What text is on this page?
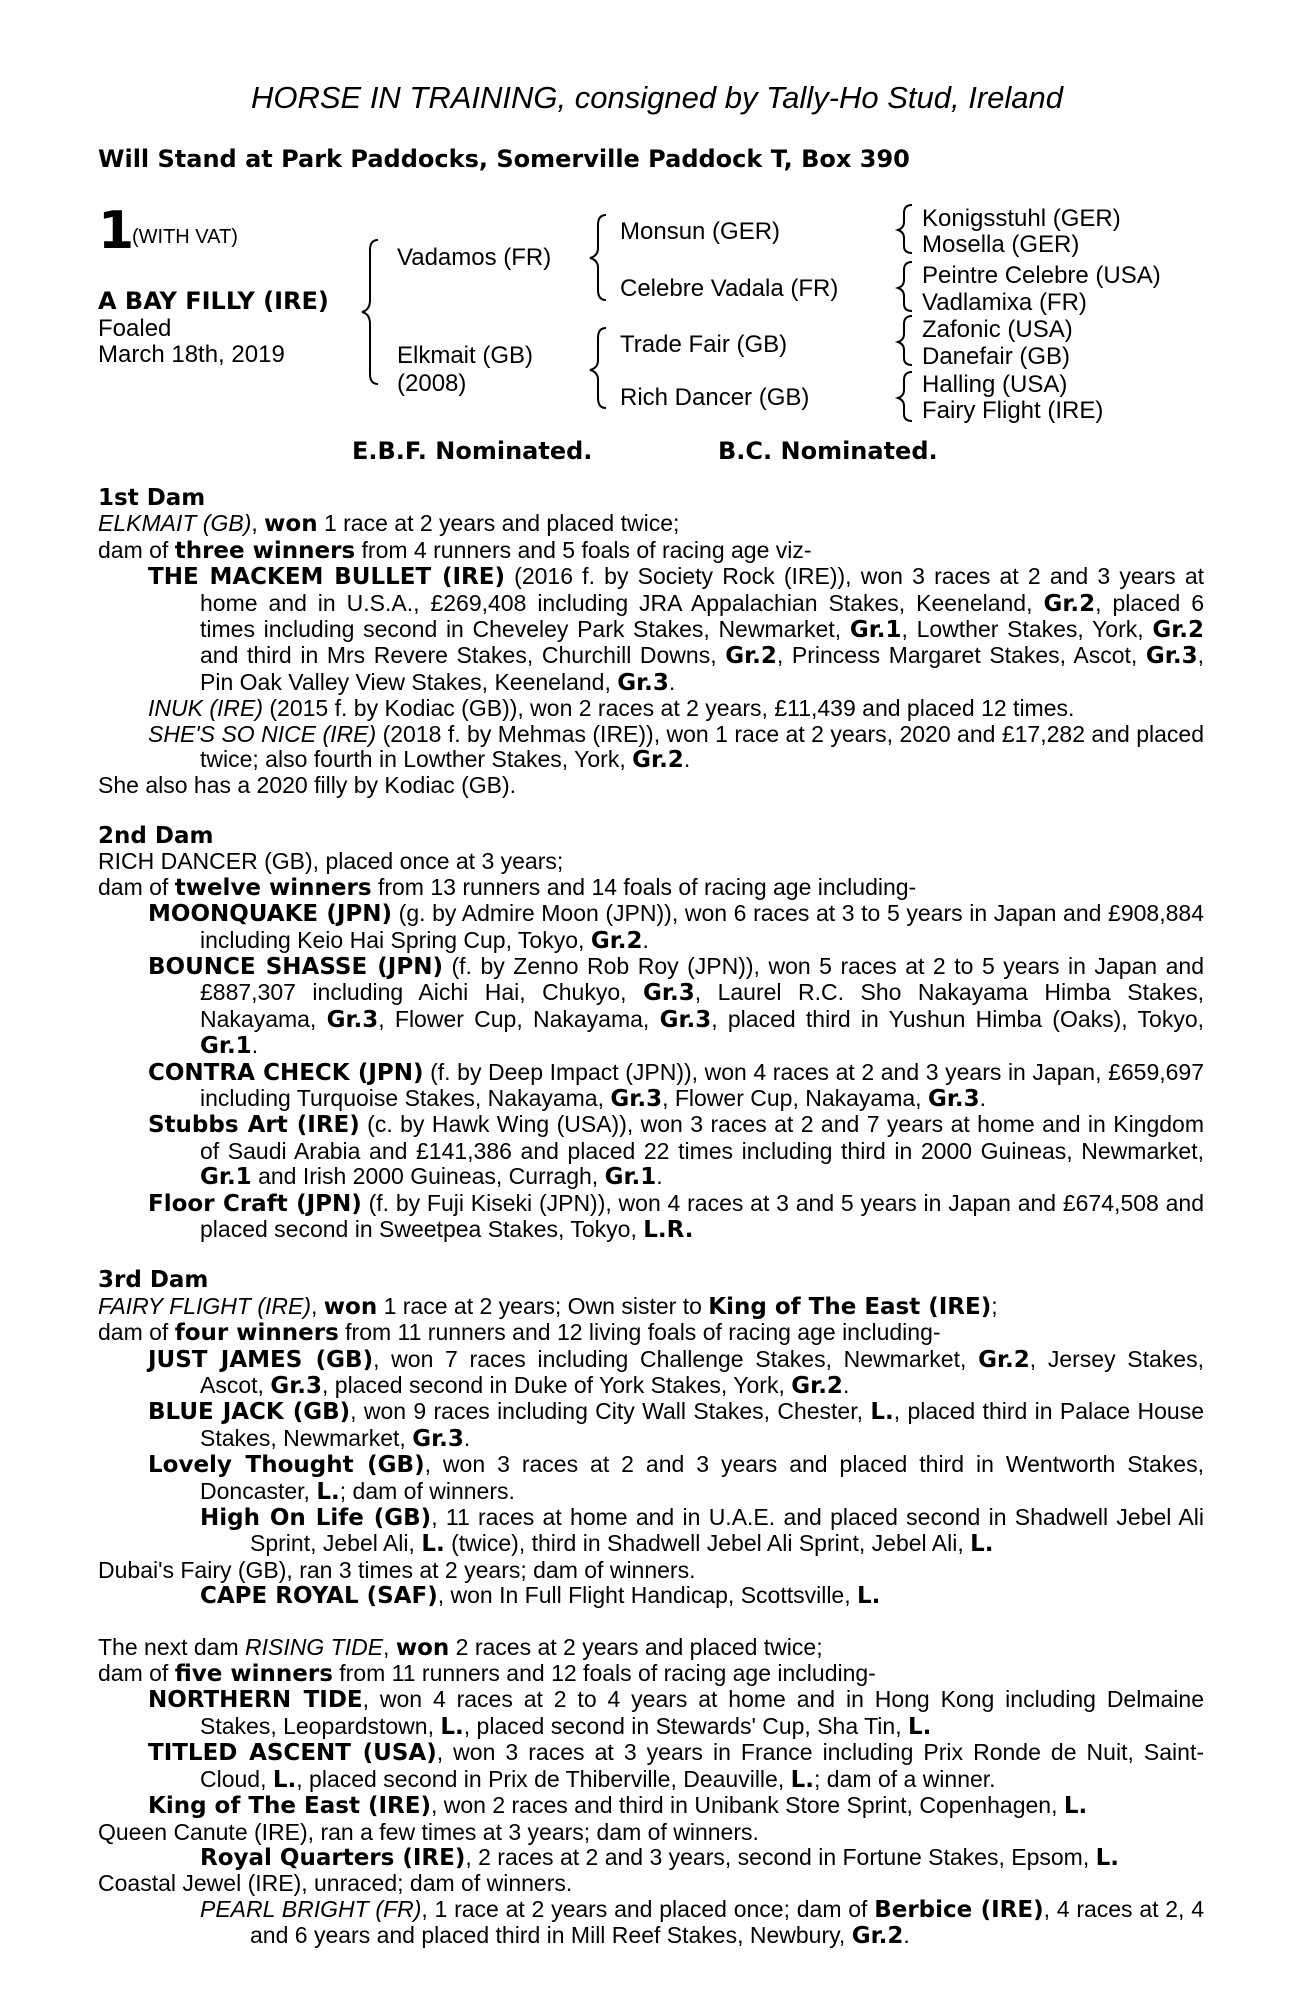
HORSE IN TRAINING, consigned by Tally-Ho Stud, Ireland
Will Stand at Park Paddocks, Somerville Paddock T, Box 390
1
(WITH VAT)
A BAY FILLY (IRE)
Foaled
March 18th, 2019
Vadamos (FR)
Elkmait (GB)
(2008)
Monsun (GER)
Celebre Vadala (FR)
Trade Fair (GB)
Rich Dancer (GB)
Konigsstuhl (GER)
Mosella (GER)
Peintre Celebre (USA)
Vadlamixa (FR)
Zafonic (USA)
Danefair (GB)
Halling (USA)
Fairy Flight (IRE)
E.B.F. Nominated.	B.C. Nominated.

1st Dam

ELKMAIT (GB), won 1 race at 2 years and placed twice;

dam of three winners from 4 runners and 5 foals of racing age viz-

THE MACKEM BULLET (IRE) (2016 f. by Society Rock (IRE)), won 3 races at 2 and 3 years at home and in U.S.A., £269,408 including JRA Appalachian Stakes, Keeneland, Gr.2, placed 6 times including second in Cheveley Park Stakes, Newmarket, Gr.1, Lowther Stakes, York, Gr.2 and third in Mrs Revere Stakes, Churchill Downs, Gr.2, Princess Margaret Stakes, Ascot, Gr.3, Pin Oak Valley View Stakes, Keeneland, Gr.3.

INUK (IRE) (2015 f. by Kodiac (GB)), won 2 races at 2 years, £11,439 and placed 12 times.

SHE'S SO NICE (IRE) (2018 f. by Mehmas (IRE)), won 1 race at 2 years, 2020 and £17,282 and placed twice; also fourth in Lowther Stakes, York, Gr.2.

She also has a 2020 filly by Kodiac (GB).

2nd Dam

RICH DANCER (GB), placed once at 3 years;

dam of twelve winners from 13 runners and 14 foals of racing age including-

MOONQUAKE (JPN) (g. by Admire Moon (JPN)), won 6 races at 3 to 5 years in Japan and £908,884 including Keio Hai Spring Cup, Tokyo, Gr.2.

BOUNCE SHASSE (JPN) (f. by Zenno Rob Roy (JPN)), won 5 races at 2 to 5 years in Japan and £887,307 including Aichi Hai, Chukyo, Gr.3, Laurel R.C. Sho Nakayama Himba Stakes, Nakayama, Gr.3, Flower Cup, Nakayama, Gr.3, placed third in Yushun Himba (Oaks), Tokyo, Gr.1.

CONTRA CHECK (JPN) (f. by Deep Impact (JPN)), won 4 races at 2 and 3 years in Japan, £659,697 including Turquoise Stakes, Nakayama, Gr.3, Flower Cup, Nakayama, Gr.3.

Stubbs Art (IRE) (c. by Hawk Wing (USA)), won 3 races at 2 and 7 years at home and in Kingdom of Saudi Arabia and £141,386 and placed 22 times including third in 2000 Guineas, Newmarket, Gr.1 and Irish 2000 Guineas, Curragh, Gr.1.

Floor Craft (JPN) (f. by Fuji Kiseki (JPN)), won 4 races at 3 and 5 years in Japan and £674,508 and placed second in Sweetpea Stakes, Tokyo, L.R.

3rd Dam

FAIRY FLIGHT (IRE), won 1 race at 2 years; Own sister to King of The East (IRE);

dam of four winners from 11 runners and 12 living foals of racing age including-

JUST JAMES (GB), won 7 races including Challenge Stakes, Newmarket, Gr.2, Jersey Stakes, Ascot, Gr.3, placed second in Duke of York Stakes, York, Gr.2.

BLUE JACK (GB), won 9 races including City Wall Stakes, Chester, L., placed third in Palace House Stakes, Newmarket, Gr.3.

Lovely Thought (GB), won 3 races at 2 and 3 years and placed third in Wentworth Stakes, Doncaster, L.; dam of winners.

High On Life (GB), 11 races at home and in U.A.E. and placed second in Shadwell Jebel Ali Sprint, Jebel Ali, L. (twice), third in Shadwell Jebel Ali Sprint, Jebel Ali, L.

Dubai's Fairy (GB), ran 3 times at 2 years; dam of winners.

CAPE ROYAL (SAF), won In Full Flight Handicap, Scottsville, L.

The next dam RISING TIDE, won 2 races at 2 years and placed twice;

dam of five winners from 11 runners and 12 foals of racing age including-

NORTHERN TIDE, won 4 races at 2 to 4 years at home and in Hong Kong including Delmaine Stakes, Leopardstown, L., placed second in Stewards' Cup, Sha Tin, L.

TITLED ASCENT (USA), won 3 races at 3 years in France including Prix Ronde de Nuit, Saint-Cloud, L., placed second in Prix de Thiberville, Deauville, L.; dam of a winner.

King of The East (IRE), won 2 races and third in Unibank Store Sprint, Copenhagen, L.

Queen Canute (IRE), ran a few times at 3 years; dam of winners.

Royal Quarters (IRE), 2 races at 2 and 3 years, second in Fortune Stakes, Epsom, L.

Coastal Jewel (IRE), unraced; dam of winners.

PEARL BRIGHT (FR), 1 race at 2 years and placed once; dam of Berbice (IRE), 4 races at 2, 4 and 6 years and placed third in Mill Reef Stakes, Newbury, Gr.2.
